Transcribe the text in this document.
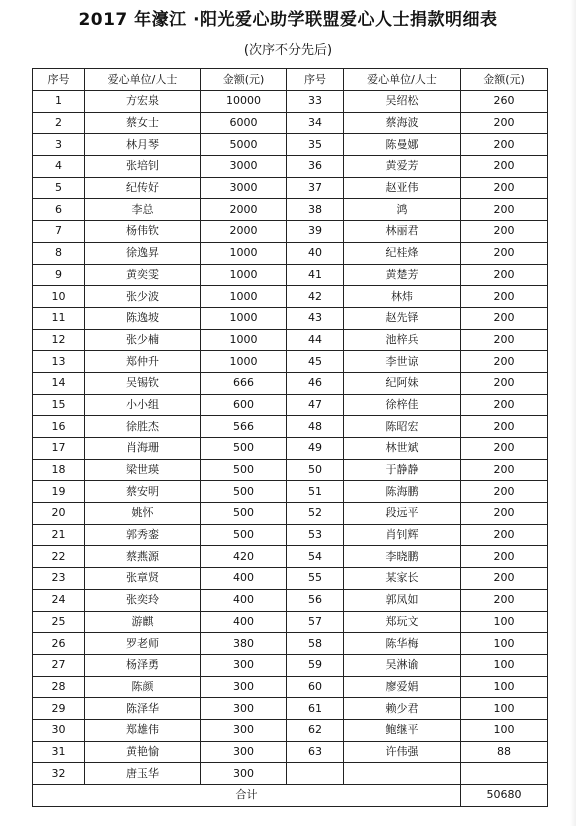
2017 年濠江 ·阳光爱心助学联盟爱心人士捐款明细表
(次序不分先后)
序号	爱心单位/人士	金额(元)	序号	爱心单位/人士	金额(元)
1	方宏泉	10000	33	吴绍松	260
2	蔡女士	6000	34	蔡海波	200
3	林月琴	5000	35	陈曼娜	200
4	张培钊	3000	36	黄爱芳	200
5	纪传好	3000	37	赵亚伟	200
6	李总	2000	38	鸿	200
7	杨伟钦	2000	39	林丽君	200
8	徐逸昇	1000	40	纪桂烽	200
9	黄奕雯	1000	41	黄楚芳	200
10	张少波	1000	42	林炜	200
11	陈逸坡	1000	43	赵先铎	200
12	张少楠	1000	44	池梓兵	200
13	郑仲升	1000	45	李世谅	200
14	吴锡钦	666	46	纪阿妹	200
15	小小组	600	47	徐梓佳	200
16	徐胜杰	566	48	陈昭宏	200
17	肖海珊	500	49	林世斌	200
18	梁世瑛	500	50	于静静	200
19	蔡安明	500	51	陈海鹏	200
20	姚怀	500	52	段远平	200
21	郭秀銮	500	53	肖钊辉	200
22	蔡燕源	420	54	李晓鹏	200
23	张章贤	400	55	某家长	200
24	张奕玲	400	56	郭凤如	200
25	游麒	400	57	郑玩文	100
26	罗老师	380	58	陈华梅	100
27	杨泽勇	300	59	吴淋谕	100
28	陈颜	300	60	廖爱娟	100
29	陈泽华	300	61	赖少君	100
30	郑雄伟	300	62	鲍继平	100
31	黄艳愉	300	63	许伟强	88
32	唐玉华	300			
合计					50680
